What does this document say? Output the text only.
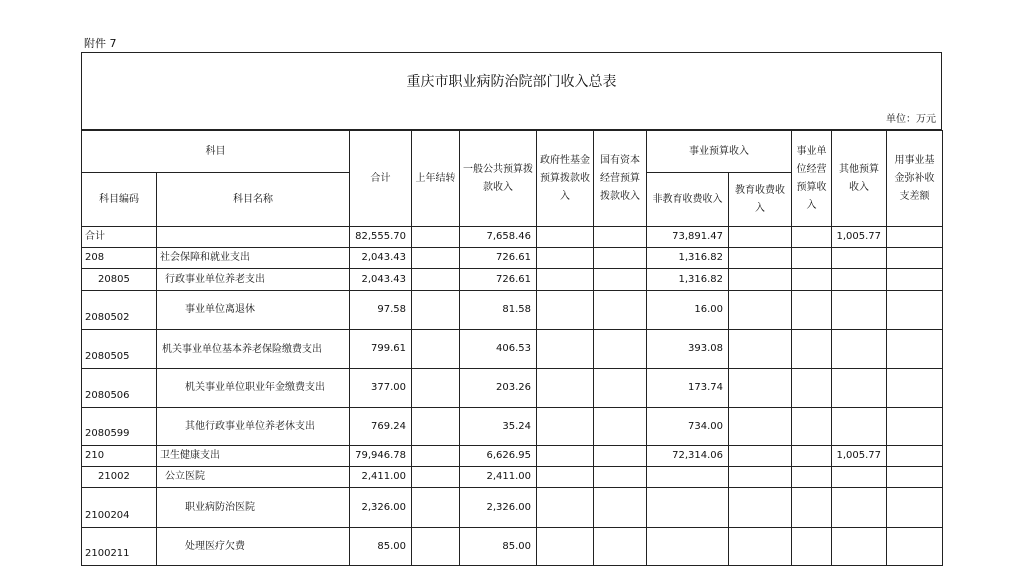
附件 7
重庆市职业病防治院部门收入总表
单位：万元
科目		合计	上年结转	一般公共预算拨款收入	政府性基金预算拨款收入	国有资本经营预算拨款收入	事业预算收入		事业单位经营预算收入	其他预算收入	用事业基金弥补收支差额
科目编码	科目名称						非教育收费收入	教育收费收入			
合计		82,555.70		7,658.46			73,891.47			1,005.77	
208	社会保障和就业支出	2,043.43		726.61			1,316.82				
20805	行政事业单位养老支出	2,043.43		726.61			1,316.82				
2080502	事业单位离退休	97.58		81.58			16.00				
2080505	机关事业单位基本养老保险缴费支出	799.61		406.53			393.08				
2080506	机关事业单位职业年金缴费支出	377.00		203.26			173.74				
2080599	其他行政事业单位养老休支出	769.24		35.24			734.00				
210	卫生健康支出	79,946.78		6,626.95			72,314.06			1,005.77	
21002	公立医院	2,411.00		2,411.00							
2100204	职业病防治医院	2,326.00		2,326.00							
2100211	处理医疗欠费	85.00		85.00							
